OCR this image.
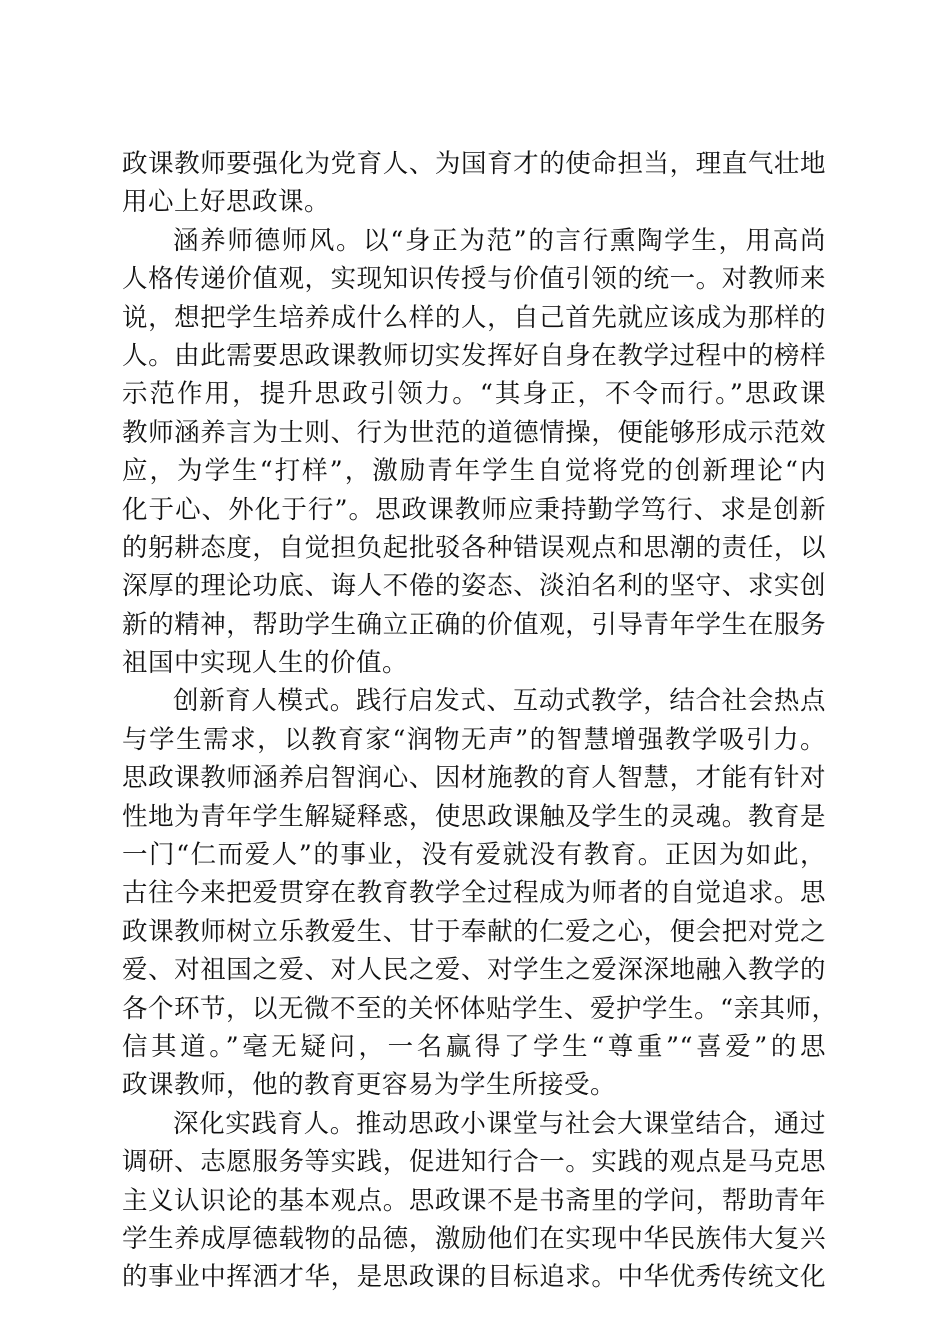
政课教师要强化为党育人、为国育才的使命担当，理直气壮地
用心上好思政课。
涵养师德师风。以“身正为范”的言行熏陶学生，用高尚
人格传递价值观，实现知识传授与价值引领的统一。对教师来
说，想把学生培养成什么样的人，自己首先就应该成为那样的
人。由此需要思政课教师切实发挥好自身在教学过程中的榜样
示范作用，提升思政引领力。“其身正，不令而行。”思政课
教师涵养言为士则、行为世范的道德情操，便能够形成示范效
应，为学生“打样”，激励青年学生自觉将党的创新理论“内
化于心、外化于行”。思政课教师应秉持勤学笃行、求是创新
的躬耕态度，自觉担负起批驳各种错误观点和思潮的责任，以
深厚的理论功底、诲人不倦的姿态、淡泊名利的坚守、求实创
新的精神，帮助学生确立正确的价值观，引导青年学生在服务
祖国中实现人生的价值。
创新育人模式。践行启发式、互动式教学，结合社会热点
与学生需求，以教育家“润物无声”的智慧增强教学吸引力。
思政课教师涵养启智润心、因材施教的育人智慧，才能有针对
性地为青年学生解疑释惑，使思政课触及学生的灵魂。教育是
一门“仁而爱人”的事业，没有爱就没有教育。正因为如此，
古往今来把爱贯穿在教育教学全过程成为师者的自觉追求。思
政课教师树立乐教爱生、甘于奉献的仁爱之心，便会把对党之
爱、对祖国之爱、对人民之爱、对学生之爱深深地融入教学的
各个环节，以无微不至的关怀体贴学生、爱护学生。“亲其师，
信其道。”毫无疑问，一名赢得了学生“尊重”“喜爱”的思
政课教师，他的教育更容易为学生所接受。
深化实践育人。推动思政小课堂与社会大课堂结合，通过
调研、志愿服务等实践，促进知行合一。实践的观点是马克思
主义认识论的基本观点。思政课不是书斋里的学问，帮助青年
学生养成厚德载物的品德，激励他们在实现中华民族伟大复兴
的事业中挥洒才华，是思政课的目标追求。中华优秀传统文化
